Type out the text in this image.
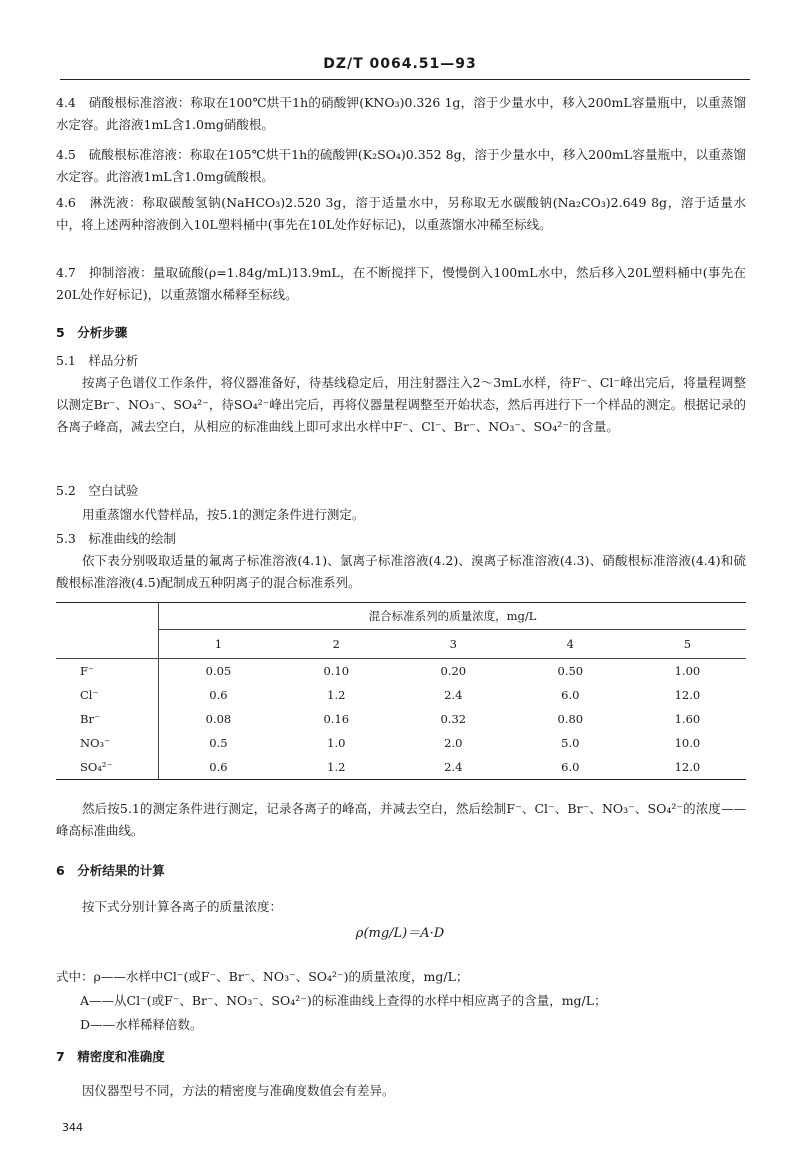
DZ/T 0064.51—93
4.4　硝酸根标准溶液：称取在100℃烘干1h的硝酸钾(KNO₃)0.326 1g，溶于少量水中，移入200mL容量瓶中，以重蒸馏水定容。此溶液1mL含1.0mg硝酸根。
4.5　硫酸根标准溶液：称取在105℃烘干1h的硫酸钾(K₂SO₄)0.352 8g，溶于少量水中，移入200mL容量瓶中，以重蒸馏水定容。此溶液1mL含1.0mg硫酸根。
4.6　淋洗液：称取碳酸氢钠(NaHCO₃)2.520 3g，溶于适量水中，另称取无水碳酸钠(Na₂CO₃)2.649 8g，溶于适量水中，将上述两种溶液倒入10L塑料桶中(事先在10L处作好标记)，以重蒸馏水冲稀至标线。
4.7　抑制溶液：量取硫酸(ρ=1.84g/mL)13.9mL，在不断搅拌下，慢慢倒入100mL水中，然后移入20L塑料桶中(事先在20L处作好标记)，以重蒸馏水稀释至标线。
5　分析步骤
5.1　样品分析
按离子色谱仪工作条件，将仪器准备好，待基线稳定后，用注射器注入2～3mL水样，待F⁻、Cl⁻峰出完后，将量程调整以测定Br⁻、NO₃⁻、SO₄²⁻，待SO₄²⁻峰出完后，再将仪器量程调整至开始状态，然后再进行下一个样品的测定。根据记录的各离子峰高，减去空白，从相应的标准曲线上即可求出水样中F⁻、Cl⁻、Br⁻、NO₃⁻、SO₄²⁻的含量。
5.2　空白试验
用重蒸馏水代替样品，按5.1的测定条件进行测定。
5.3　标准曲线的绘制
依下表分别吸取适量的氟离子标准溶液(4.1)、氯离子标准溶液(4.2)、溴离子标准溶液(4.3)、硝酸根标准溶液(4.4)和硫酸根标准溶液(4.5)配制成五种阴离子的混合标准系列。
	混合标准系列的质量浓度，mg/L				
	1	2	3	4	5
F⁻	0.05	0.10	0.20	0.50	1.00
Cl⁻	0.6	1.2	2.4	6.0	12.0
Br⁻	0.08	0.16	0.32	0.80	1.60
NO₃⁻	0.5	1.0	2.0	5.0	10.0
SO₄²⁻	0.6	1.2	2.4	6.0	12.0
然后按5.1的测定条件进行测定，记录各离子的峰高，并减去空白，然后绘制F⁻、Cl⁻、Br⁻、NO₃⁻、SO₄²⁻的浓度——峰高标准曲线。
6　分析结果的计算
按下式分别计算各离子的质量浓度：
ρ(mg/L)＝A·D
式中：ρ——水样中Cl⁻(或F⁻、Br⁻、NO₃⁻、SO₄²⁻)的质量浓度，mg/L；
A——从Cl⁻(或F⁻、Br⁻、NO₃⁻、SO₄²⁻)的标准曲线上查得的水样中相应离子的含量，mg/L；
D——水样稀释倍数。
7　精密度和准确度
因仪器型号不同，方法的精密度与准确度数值会有差异。
344
